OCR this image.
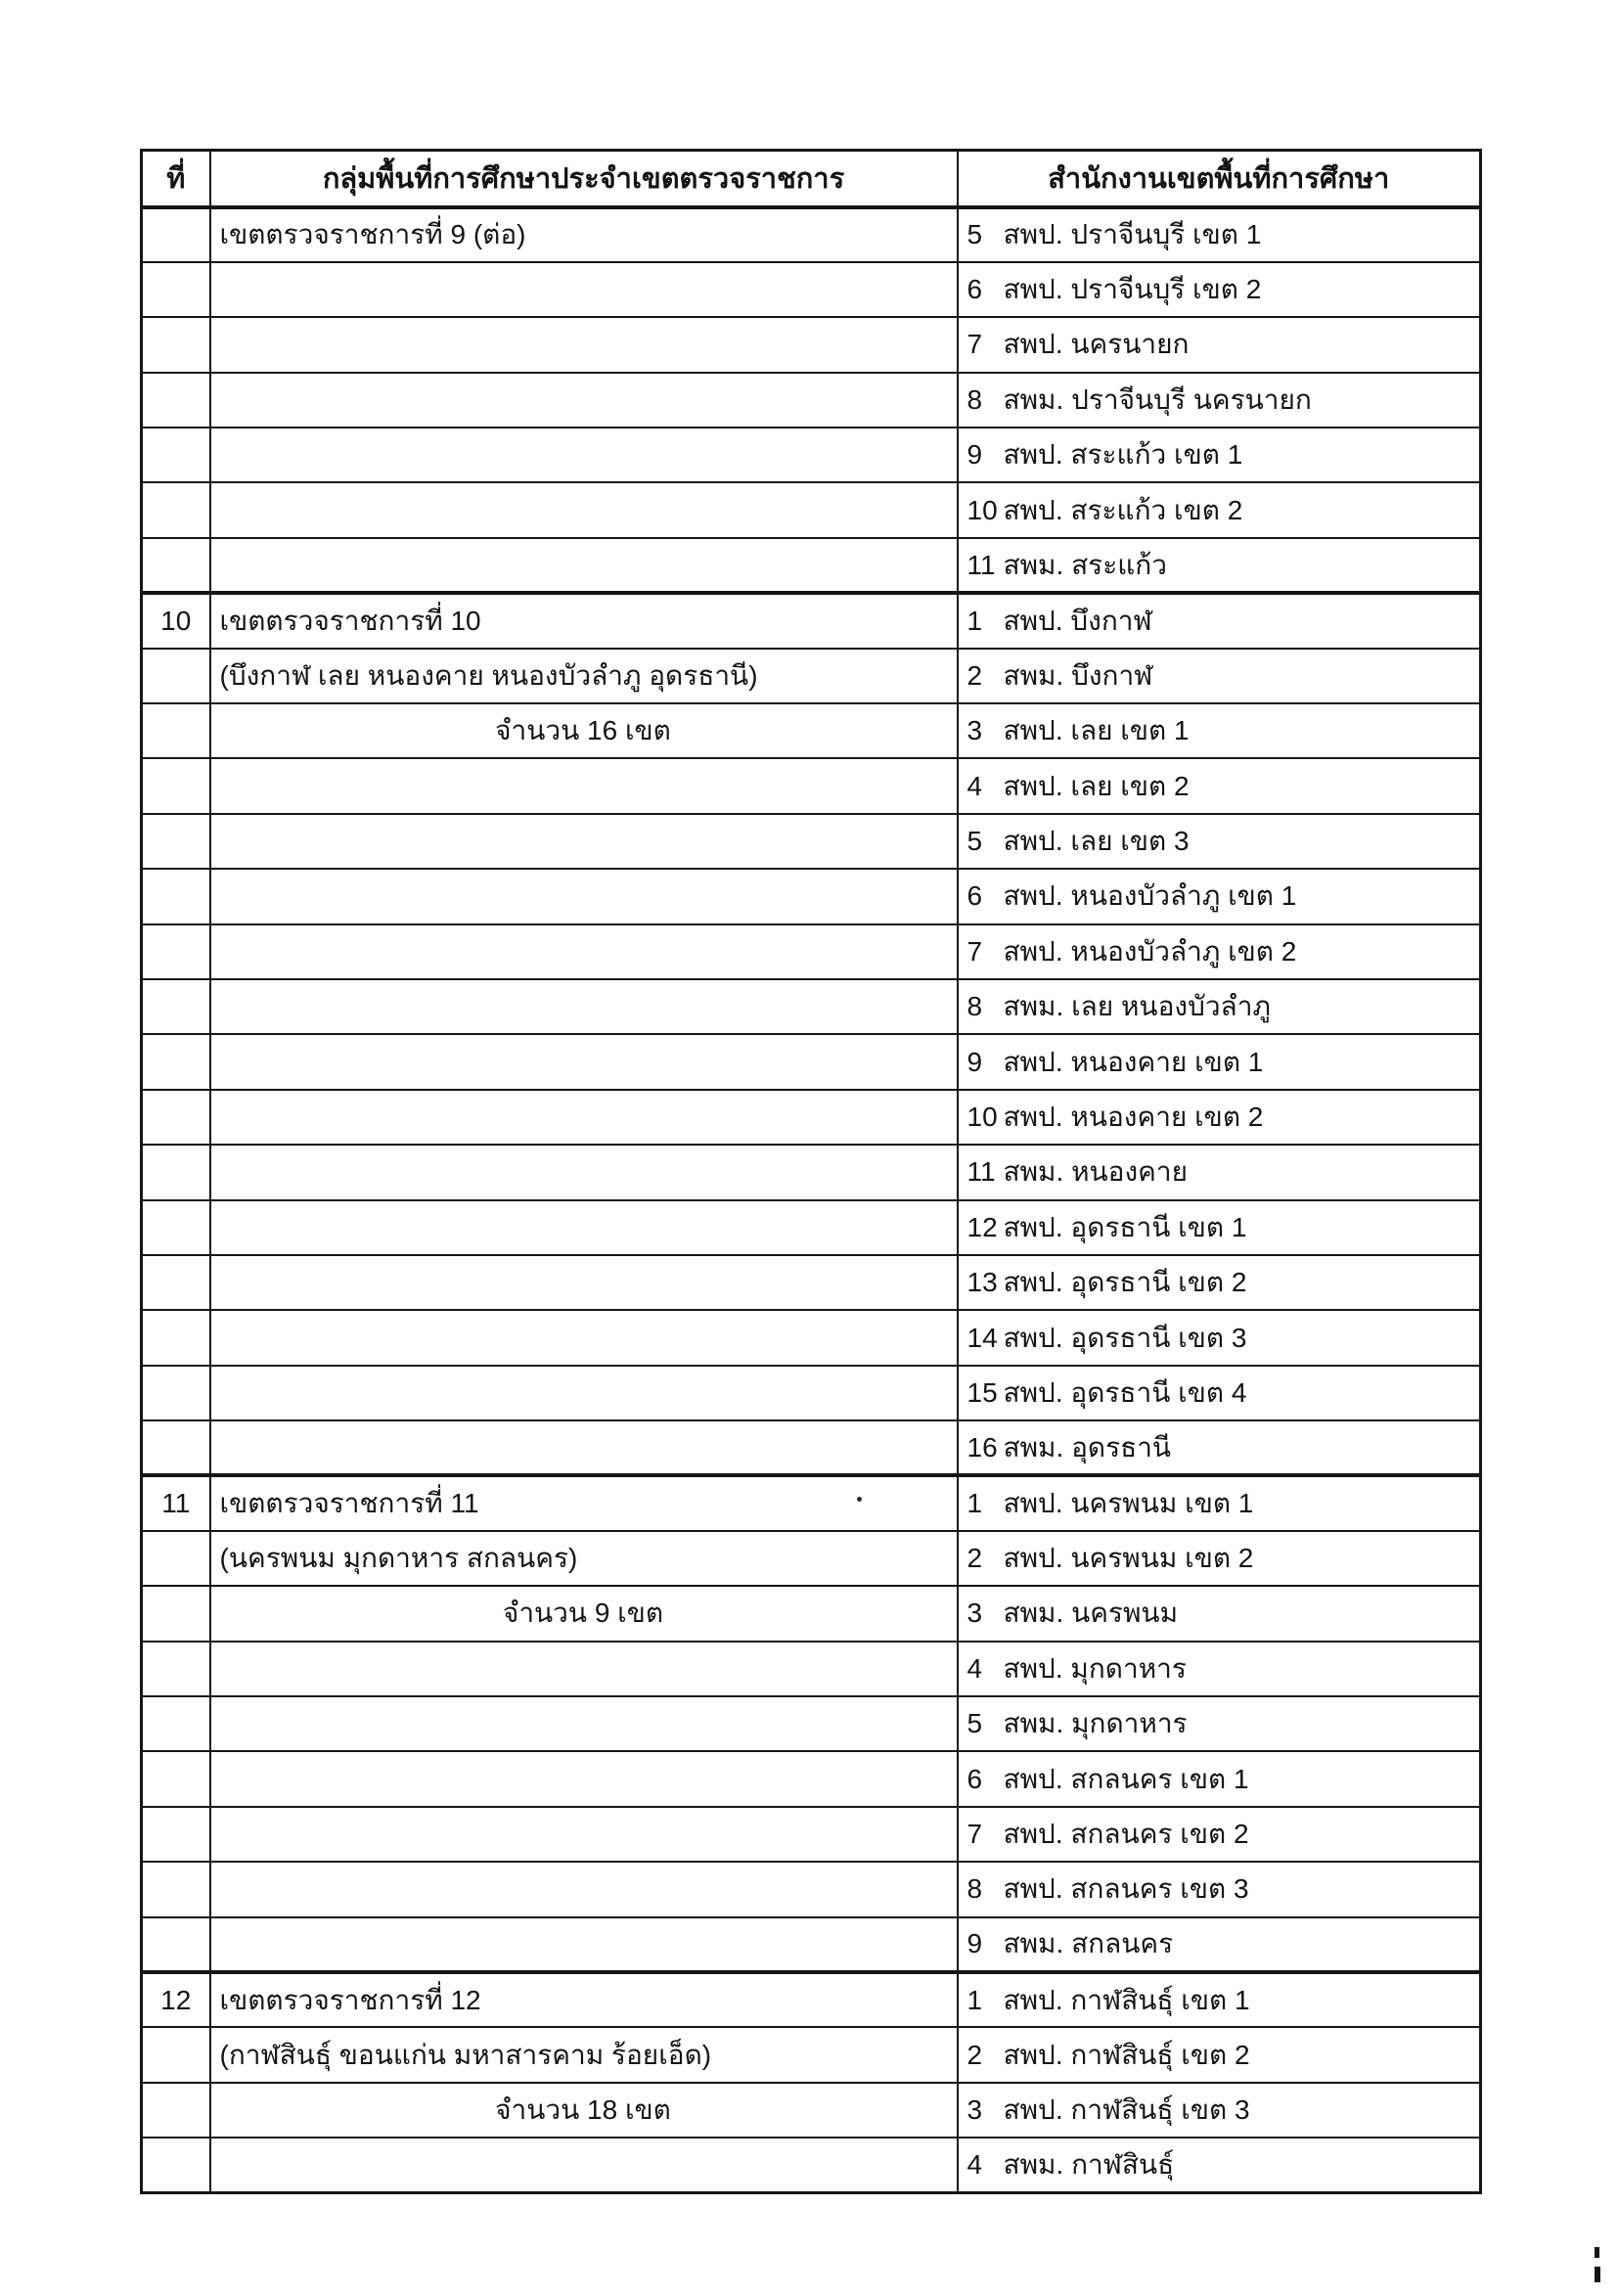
ที่	กลุ่มพื้นที่การศึกษาประจำเขตตรวจราชการ	สำนักงานเขตพื้นที่การศึกษา
	เขตตรวจราชการที่ 9 (ต่อ)	5 สพป. ปราจีนบุรี เขต 1
		6 สพป. ปราจีนบุรี เขต 2
		7 สพป. นครนายก
		8 สพม. ปราจีนบุรี นครนายก
		9 สพป. สระแก้ว เขต 1
		10 สพป. สระแก้ว เขต 2
		11 สพม. สระแก้ว
10	เขตตรวจราชการที่ 10	1 สพป. บึงกาฬ
	(บึงกาฬ เลย หนองคาย หนองบัวลำภู อุดรธานี)	2 สพม. บึงกาฬ
	จำนวน 16 เขต	3 สพป. เลย เขต 1
		4 สพป. เลย เขต 2
		5 สพป. เลย เขต 3
		6 สพป. หนองบัวลำภู เขต 1
		7 สพป. หนองบัวลำภู เขต 2
		8 สพม. เลย หนองบัวลำภู
		9 สพป. หนองคาย เขต 1
		10 สพป. หนองคาย เขต 2
		11 สพม. หนองคาย
		12 สพป. อุดรธานี เขต 1
		13 สพป. อุดรธานี เขต 2
		14 สพป. อุดรธานี เขต 3
		15 สพป. อุดรธานี เขต 4
		16 สพม. อุดรธานี
11	เขตตรวจราชการที่ 11	1 สพป. นครพนม เขต 1
	(นครพนม มุกดาหาร สกลนคร)	2 สพป. นครพนม เขต 2
	จำนวน 9 เขต	3 สพม. นครพนม
		4 สพป. มุกดาหาร
		5 สพม. มุกดาหาร
		6 สพป. สกลนคร เขต 1
		7 สพป. สกลนคร เขต 2
		8 สพป. สกลนคร เขต 3
		9 สพม. สกลนคร
12	เขตตรวจราชการที่ 12	1 สพป. กาฬสินธุ์ เขต 1
	(กาฬสินธุ์ ขอนแก่น มหาสารคาม ร้อยเอ็ด)	2 สพป. กาฬสินธุ์ เขต 2
	จำนวน 18 เขต	3 สพป. กาฬสินธุ์ เขต 3
		4 สพม. กาฬสินธุ์
